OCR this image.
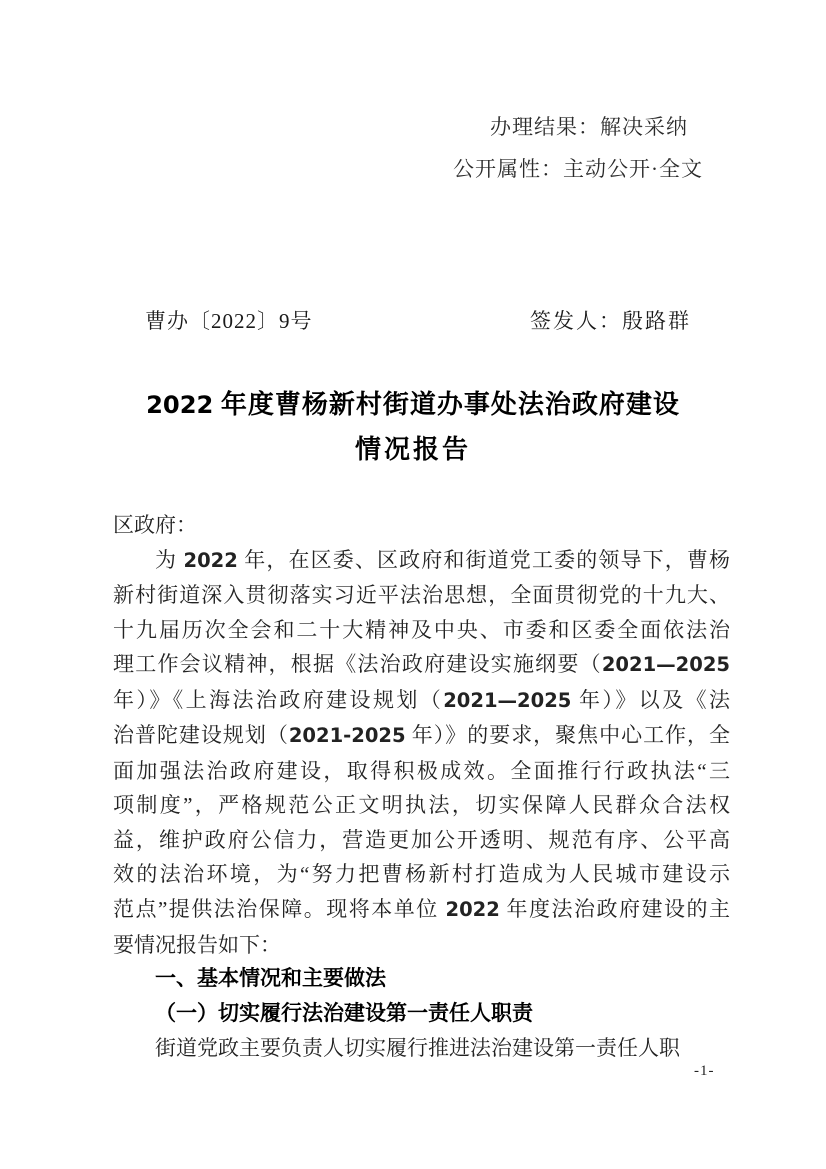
办理结果：解决采纳
公开属性：主动公开·全文
曹办〔2022〕9号	签发人：殷路群
2022 年度曹杨新村街道办事处法治政府建设
情况报告
区政府：
为 2022 年，在区委、区政府和街道党工委的领导下，曹杨
新村街道深入贯彻落实习近平法治思想，全面贯彻党的十九大、
十九届历次全会和二十大精神及中央、市委和区委全面依法治
理工作会议精神，根据《法治政府建设实施纲要（2021—2025
年）》《上海法治政府建设规划（2021—2025 年）》以及《法
治普陀建设规划（2021-2025 年）》的要求，聚焦中心工作，全
面加强法治政府建设，取得积极成效。全面推行行政执法“三
项制度”，严格规范公正文明执法，切实保障人民群众合法权
益，维护政府公信力，营造更加公开透明、规范有序、公平高
效的法治环境，为“努力把曹杨新村打造成为人民城市建设示
范点”提供法治保障。现将本单位 2022 年度法治政府建设的主
要情况报告如下：
一、基本情况和主要做法
（一）切实履行法治建设第一责任人职责
街道党政主要负责人切实履行推进法治建设第一责任人职
-1-
